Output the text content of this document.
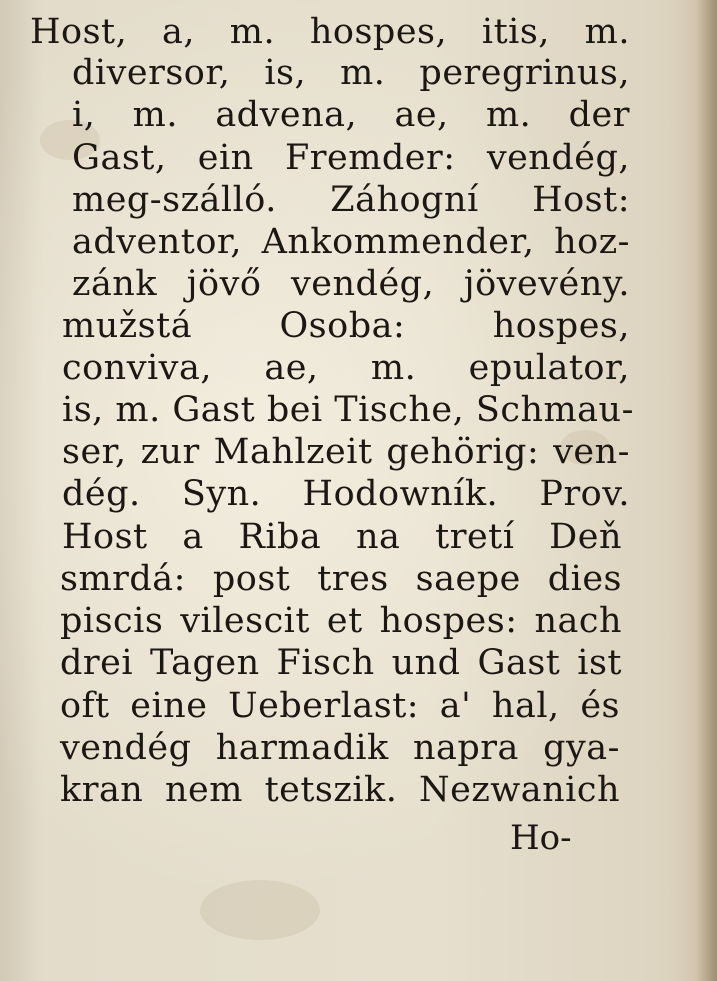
Host, a, m. hospes, itis, m.
diversor, is, m. peregrinus,
i, m. advena, ae, m. der
Gast, ein Fremder: vendég,
meg-szálló. Záhogní Host:
adventor, Ankommender, hoz-
zánk jövő vendég, jövevény.
mužstá Osoba: hospes,
conviva, ae, m. epulator,
is, m. Gast bei Tische, Schmau-
ser, zur Mahlzeit gehörig: ven-
dég. Syn. Hodowník. Prov.
Host a Riba na tretí Deň
smrdá: post tres saepe dies
piscis vilescit et hospes: nach
drei Tagen Fisch und Gast ist
oft eine Ueberlast: a' hal, és
vendég harmadik napra gya-
kran nem tetszik. Nezwanich
Ho-
